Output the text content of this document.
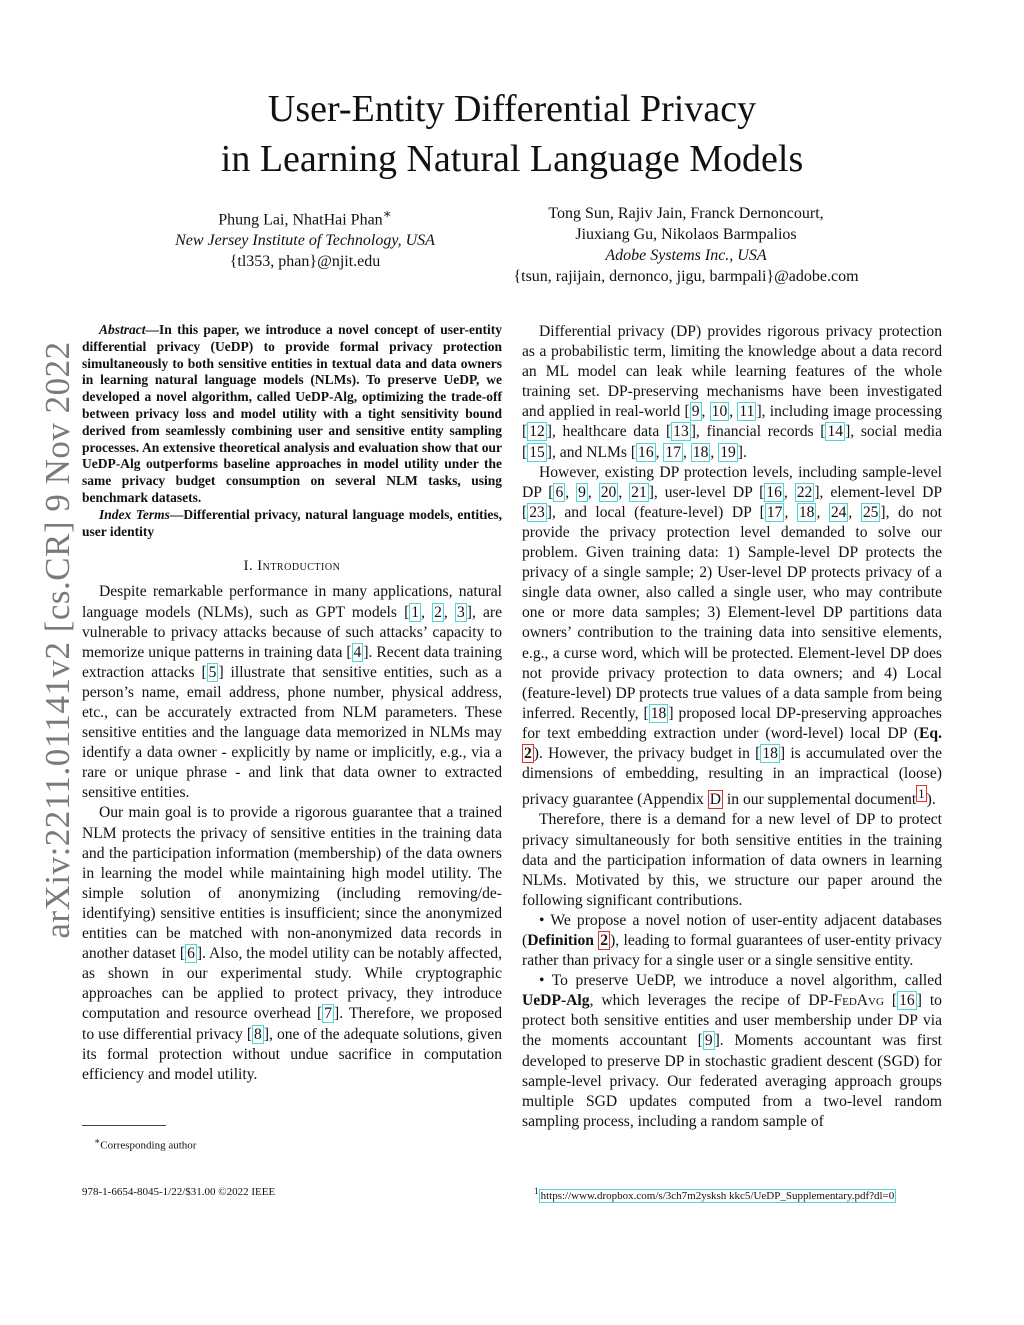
User-Entity Differential Privacy
in Learning Natural Language Models
Phung Lai, NhatHai Phan∗
New Jersey Institute of Technology, USA
{tl353, phan}@njit.edu
Tong Sun, Rajiv Jain, Franck Dernoncourt,
Jiuxiang Gu, Nikolaos Barmpalios
Adobe Systems Inc., USA
{tsun, rajijain, dernonco, jigu, barmpali}@adobe.com
arXiv:2211.01141v2 [cs.CR] 9 Nov 2022

Abstract—In this paper, we introduce a novel concept of user-entity differential privacy (UeDP) to provide formal privacy protection simultaneously to both sensitive entities in textual data and data owners in learning natural language models (NLMs). To preserve UeDP, we developed a novel algorithm, called UeDP-Alg, optimizing the trade-off between privacy loss and model utility with a tight sensitivity bound derived from seamlessly combining user and sensitive entity sampling processes. An extensive theoretical analysis and evaluation show that our UeDP-Alg outperforms baseline approaches in model utility under the same privacy budget consumption on several NLM tasks, using benchmark datasets.

Index Terms—Differential privacy, natural language models, entities, user identity

I. Introduction

Despite remarkable performance in many applications, natural language models (NLMs), such as GPT models [ 1 , 2 , 3 ], are vulnerable to privacy attacks because of such attacks’ capacity to memorize unique patterns in training data [ 4 ]. Recent data training extraction attacks [ 5 ] illustrate that sensitive entities, such as a person’s name, email address, phone number, physical address, etc., can be accurately extracted from NLM parameters. These sensitive entities and the language data memorized in NLMs may identify a data owner - explicitly by name or implicitly, e.g., via a rare or unique phrase - and link that data owner to extracted sensitive entities.

Our main goal is to provide a rigorous guarantee that a trained NLM protects the privacy of sensitive entities in the training data and the participation information (membership) of the data owners in learning the model while maintaining high model utility. The simple solution of anonymizing (including removing/de-identifying) sensitive entities is insufficient; since the anonymized entities can be matched with non-anonymized data records in another dataset [ 6 ]. Also, the model utility can be notably affected, as shown in our experimental study. While cryptographic approaches can be applied to protect privacy, they introduce computation and resource overhead [ 7 ]. Therefore, we proposed to use differential privacy [ 8 ], one of the adequate solutions, given its formal protection without undue sacrifice in computation efficiency and model utility.

Differential privacy (DP) provides rigorous privacy protection as a probabilistic term, limiting the knowledge about a data record an ML model can leak while learning features of the whole training set. DP-preserving mechanisms have been investigated and applied in real-world [ 9 , 10 , 11 ], including image processing [ 12 ], healthcare data [ 13 ], financial records [ 14 ], social media [ 15 ], and NLMs [ 16 , 17 , 18 , 19 ].

However, existing DP protection levels, including sample-level DP [ 6 , 9 , 20 , 21 ], user-level DP [ 16 , 22 ], element-level DP [ 23 ], and local (feature-level) DP [ 17 , 18 , 24 , 25 ], do not provide the privacy protection level demanded to solve our problem. Given training data: 1) Sample-level DP protects the privacy of a single sample; 2) User-level DP protects privacy of a single data owner, also called a single user, who may contribute one or more data samples; 3) Element-level DP partitions data owners’ contribution to the training data into sensitive elements, e.g., a curse word, which will be protected. Element-level DP does not provide privacy protection to data owners; and 4) Local (feature-level) DP protects true values of a data sample from being inferred. Recently, [ 18 ] proposed local DP-preserving approaches for text embedding extraction under (word-level) local DP (Eq. 2 ). However, the privacy budget in [ 18 ] is accumulated over the dimensions of embedding, resulting in an impractical (loose) privacy guarantee (Appendix D in our supplemental document $^1$ ).

Therefore, there is a demand for a new level of DP to protect privacy simultaneously for both sensitive entities in the training data and the participation information of data owners in learning NLMs. Motivated by this, we structure our paper around the following significant contributions.

• We propose a novel notion of user-entity adjacent databases (Definition 2 ), leading to formal guarantees of user-entity privacy rather than privacy for a single user or a single sensitive entity.

• To preserve UeDP, we introduce a novel algorithm, called UeDP-Alg, which leverages the recipe of DP-FedAvg [ 16 ] to protect both sensitive entities and user membership under DP via the moments accountant [ 9 ]. Moments accountant was first developed to preserve DP in stochastic gradient descent (SGD) for sample-level privacy. Our federated averaging approach groups multiple SGD updates computed from a two-level random sampling process, including a random sample of

∗Corresponding author
978-1-6654-8045-1/22/$31.00 ©2022 IEEE	$^1$ https://www.dropbox.com/s/3ch7m2ysksh kkc5/UeDP_Supplementary.pdf?dl=0
